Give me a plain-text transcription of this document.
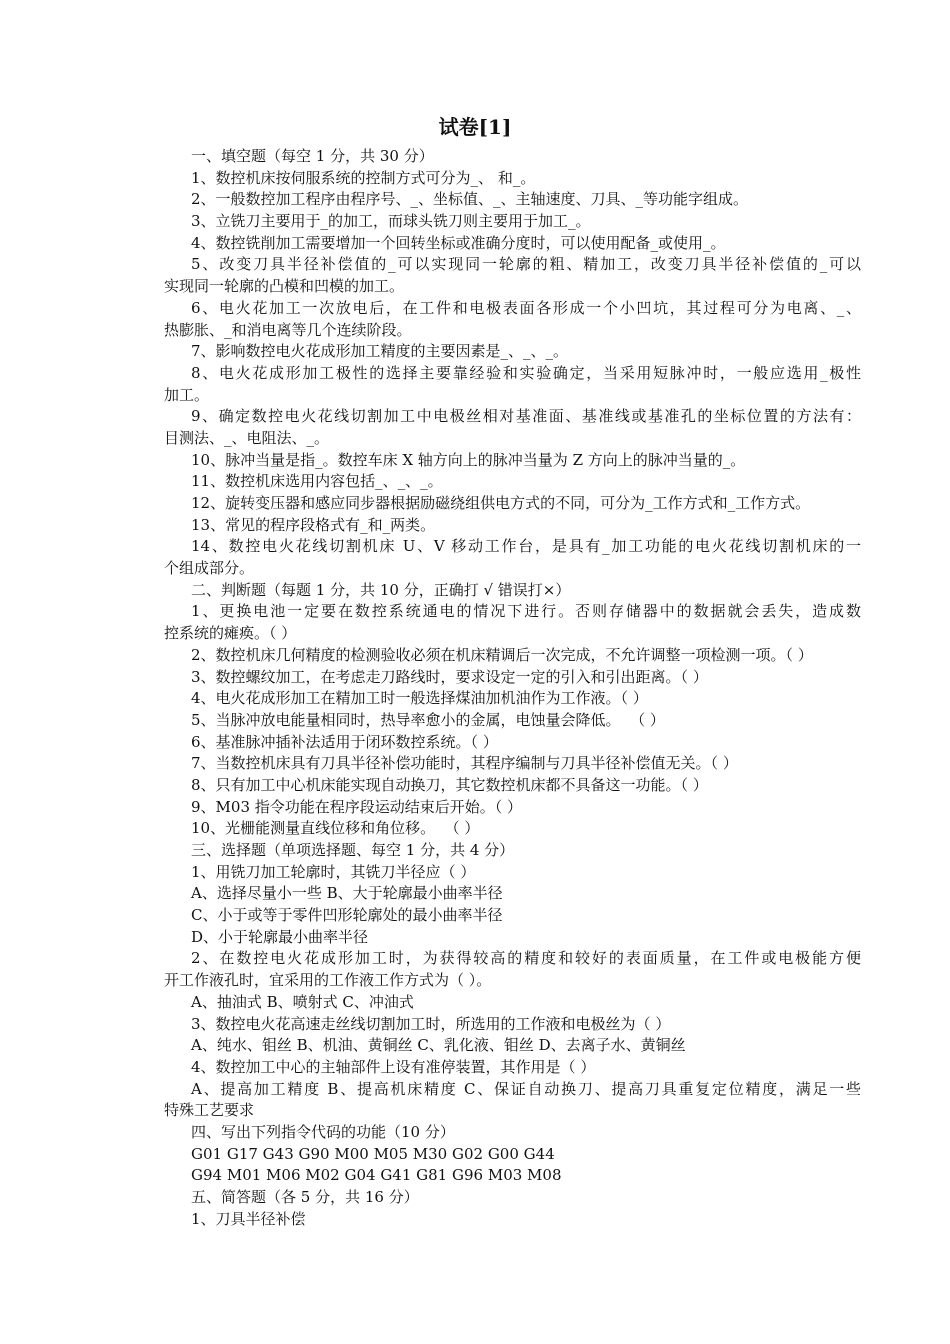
试卷[1]

一、填空题（每空 1 分，共 30 分）

1、数控机床按伺服系统的控制方式可分为_、 和_。

2、一般数控加工程序由程序号、_、坐标值、_、主轴速度、刀具、_等功能字组成。

3、立铣刀主要用于_的加工，而球头铣刀则主要用于加工_。

4、数控铣削加工需要增加一个回转坐标或准确分度时，可以使用配备_或使用_。

5、改变刀具半径补偿值的_可以实现同一轮廓的粗、精加工，改变刀具半径补偿值的_可以

实现同一轮廓的凸模和凹模的加工。

6、电火花加工一次放电后，在工件和电极表面各形成一个小凹坑，其过程可分为电离、_、

热膨胀、_和消电离等几个连续阶段。

7、影响数控电火花成形加工精度的主要因素是_、_、_。

8、电火花成形加工极性的选择主要靠经验和实验确定，当采用短脉冲时，一般应选用_极性

加工。

9、确定数控电火花线切割加工中电极丝相对基准面、基准线或基准孔的坐标位置的方法有：

目测法、_、电阻法、_。

10、脉冲当量是指_。数控车床 X 轴方向上的脉冲当量为 Z 方向上的脉冲当量的_。

11、数控机床选用内容包括_、_、_。

12、旋转变压器和感应同步器根据励磁绕组供电方式的不同，可分为_工作方式和_工作方式。

13、常见的程序段格式有_和_两类。

14、数控电火花线切割机床 U、V 移动工作台，是具有_加工功能的电火花线切割机床的一

个组成部分。

二、判断题（每题 1 分，共 10 分，正确打 √ 错误打×）

1、更换电池一定要在数控系统通电的情况下进行。否则存储器中的数据就会丢失，造成数

控系统的瘫痪。（ ）

2、数控机床几何精度的检测验收必须在机床精调后一次完成，不允许调整一项检测一项。（ ）

3、数控螺纹加工，在考虑走刀路线时，要求设定一定的引入和引出距离。（ ）

4、电火花成形加工在精加工时一般选择煤油加机油作为工作液。（ ）

5、当脉冲放电能量相同时，热导率愈小的金属，电蚀量会降低。  （ ）

6、基准脉冲插补法适用于闭环数控系统。（ ）

7、当数控机床具有刀具半径补偿功能时，其程序编制与刀具半径补偿值无关。（ ）

8、只有加工中心机床能实现自动换刀，其它数控机床都不具备这一功能。（ ）

9、M03 指令功能在程序段运动结束后开始。（ ）

10、光栅能测量直线位移和角位移。  （ ）

三、选择题（单项选择题、每空 1 分，共 4 分）

1、用铣刀加工轮廓时，其铣刀半径应（ ）

A、选择尽量小一些 B、大于轮廓最小曲率半径

C、小于或等于零件凹形轮廓处的最小曲率半径

D、小于轮廓最小曲率半径

2、在数控电火花成形加工时，为获得较高的精度和较好的表面质量，在工件或电极能方便

开工作液孔时，宜采用的工作液工作方式为（ ）。

A、抽油式 B、喷射式 C、冲油式

3、数控电火花高速走丝线切割加工时，所选用的工作液和电极丝为（ ）

A、纯水、钼丝 B、机油、黄铜丝 C、乳化液、钼丝 D、去离子水、黄铜丝

4、数控加工中心的主轴部件上设有准停装置，其作用是（ ）

A、提高加工精度 B、提高机床精度 C、保证自动换刀、提高刀具重复定位精度，满足一些

特殊工艺要求

四、写出下列指令代码的功能（10 分）

G01 G17 G43 G90 M00 M05 M30 G02 G00 G44

G94 M01 M06 M02 G04 G41 G81 G96 M03 M08

五、简答题（各 5 分，共 16 分）

1、刀具半径补偿
